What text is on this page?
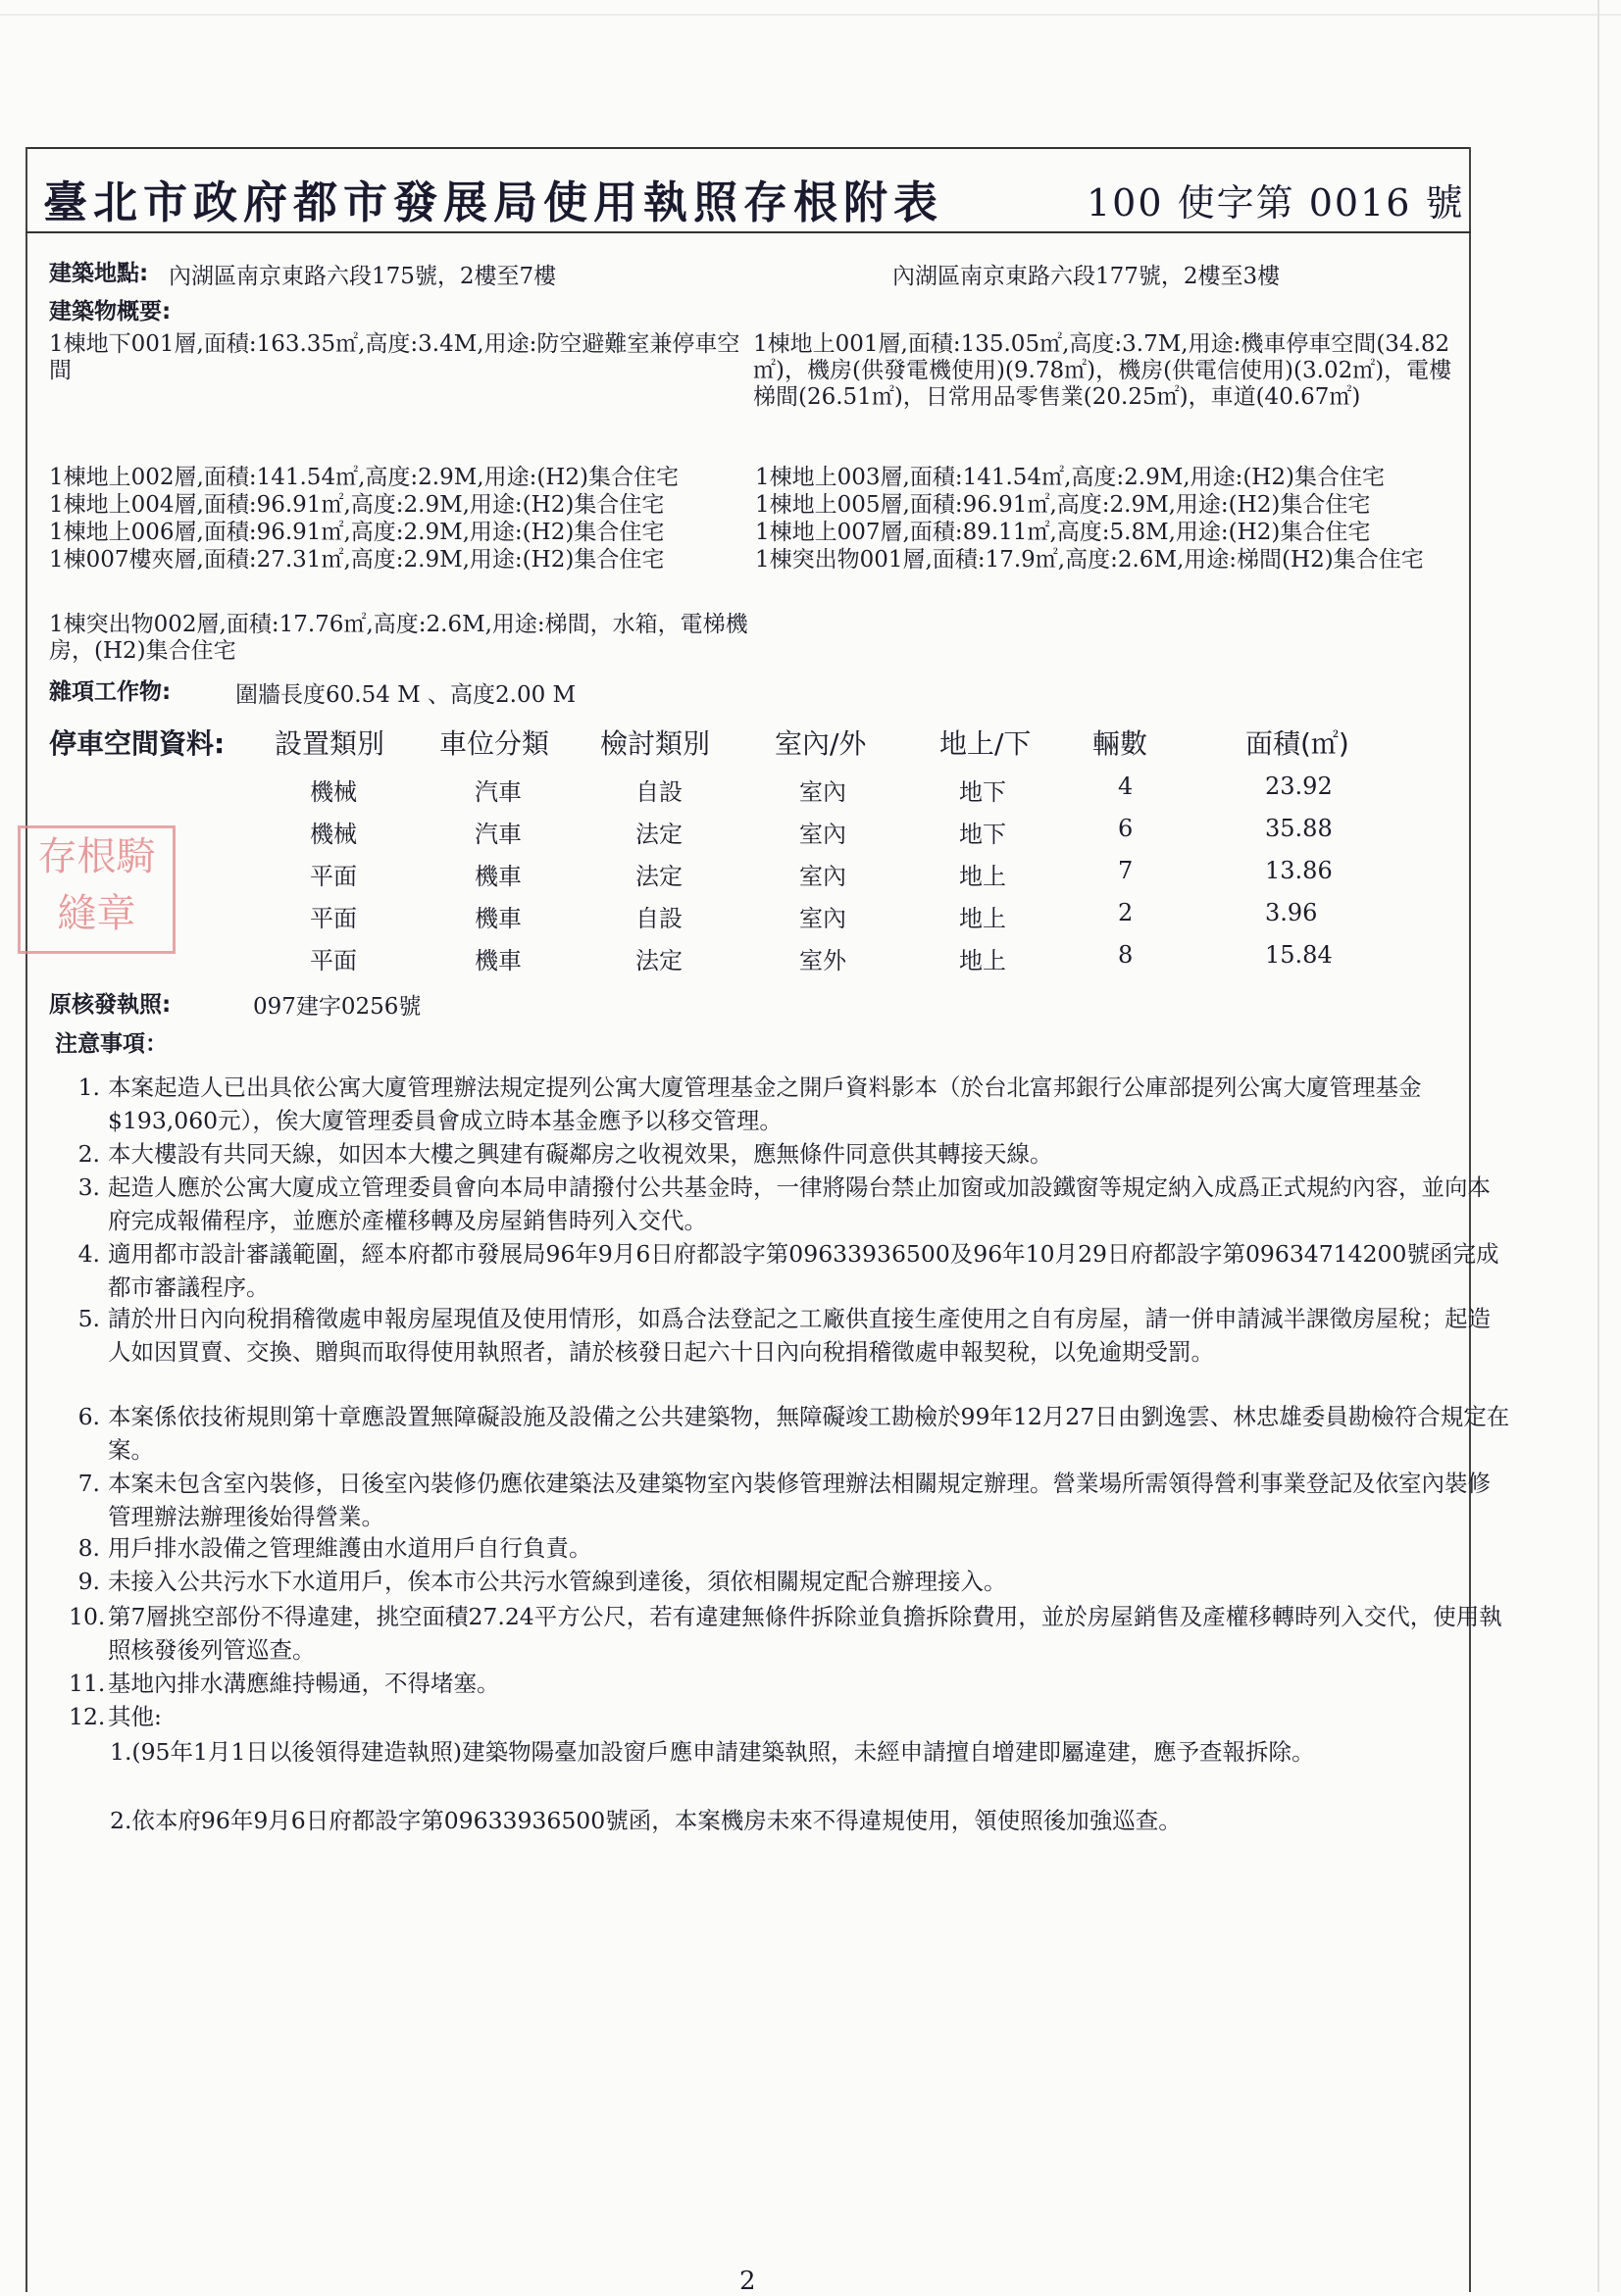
臺北市政府都市發展局使用執照存根附表	100 使字第 0016 號
建築地點: 內湖區南京東路六段175號，2樓至7樓	內湖區南京東路六段177號，2樓至3樓
建築物概要:
1棟地下001層,面積:163.35㎡,高度:3.4M,用途:防空避難室兼停車空間
1棟地上001層,面積:135.05㎡,高度:3.7M,用途:機車停車空間(34.82㎡)，機房(供發電機使用)(9.78㎡)，機房(供電信使用)(3.02㎡)，電樓梯間(26.51㎡)，日常用品零售業(20.25㎡)，車道(40.67㎡)
1棟地上002層,面積:141.54㎡,高度:2.9M,用途:(H2)集合住宅	1棟地上003層,面積:141.54㎡,高度:2.9M,用途:(H2)集合住宅
1棟地上004層,面積:96.91㎡,高度:2.9M,用途:(H2)集合住宅	1棟地上005層,面積:96.91㎡,高度:2.9M,用途:(H2)集合住宅
1棟地上006層,面積:96.91㎡,高度:2.9M,用途:(H2)集合住宅	1棟地上007層,面積:89.11㎡,高度:5.8M,用途:(H2)集合住宅
1棟007樓夾層,面積:27.31㎡,高度:2.9M,用途:(H2)集合住宅	1棟突出物001層,面積:17.9㎡,高度:2.6M,用途:梯間(H2)集合住宅
1棟突出物002層,面積:17.76㎡,高度:2.6M,用途:梯間，水箱，電梯機房，(H2)集合住宅
雜項工作物:	圍牆長度60.54 M 、高度2.00 M
停車空間資料: 設置類別 車位分類 檢討類別 室內/外	地上/下 輛數	面積(㎡)
機械	汽車	自設	室內	地下	4	23.92
機械	汽車	法定	室內	地下	6	35.88
平面	機車	法定	室內	地上	7	13.86
平面	機車	自設	室內	地上	2	3.96
平面	機車	法定	室外	地上	8	15.84
存根騎縫章
原核發執照:	097建字0256號
注意事項：
1. 本案起造人已出具依公寓大廈管理辦法規定提列公寓大廈管理基金之開戶資料影本（於台北富邦銀行公庫部提列公寓大廈管理基金$193,060元），俟大廈管理委員會成立時本基金應予以移交管理。
2. 本大樓設有共同天線，如因本大樓之興建有礙鄰房之收視效果，應無條件同意供其轉接天線。
3. 起造人應於公寓大廈成立管理委員會向本局申請撥付公共基金時，一律將陽台禁止加窗或加設鐵窗等規定納入成爲正式規約內容，並向本府完成報備程序，並應於產權移轉及房屋銷售時列入交代。
4. 適用都市設計審議範圍，經本府都市發展局96年9月6日府都設字第09633936500及96年10月29日府都設字第09634714200號函完成都市審議程序。
5. 請於卅日內向稅捐稽徵處申報房屋現值及使用情形，如爲合法登記之工廠供直接生產使用之自有房屋，請一併申請減半課徵房屋稅；起造人如因買賣、交換、贈與而取得使用執照者，請於核發日起六十日內向稅捐稽徵處申報契稅，以免逾期受罰。
6. 本案係依技術規則第十章應設置無障礙設施及設備之公共建築物，無障礙竣工勘檢於99年12月27日由劉逸雲、林忠雄委員勘檢符合規定在案。
7. 本案未包含室內裝修，日後室內裝修仍應依建築法及建築物室內裝修管理辦法相關規定辦理。營業場所需領得營利事業登記及依室內裝修管理辦法辦理後始得營業。
8. 用戶排水設備之管理維護由水道用戶自行負責。
9. 未接入公共污水下水道用戶，俟本市公共污水管線到達後，須依相關規定配合辦理接入。
10. 第7層挑空部份不得違建，挑空面積27.24平方公尺，若有違建無條件拆除並負擔拆除費用，並於房屋銷售及產權移轉時列入交代，使用執照核發後列管巡查。
11. 基地內排水溝應維持暢通，不得堵塞。
12. 其他:
1.(95年1月1日以後領得建造執照)建築物陽臺加設窗戶應申請建築執照，未經申請擅自增建即屬違建，應予查報拆除。
2.依本府96年9月6日府都設字第09633936500號函，本案機房未來不得違規使用，領使照後加強巡查。
2
